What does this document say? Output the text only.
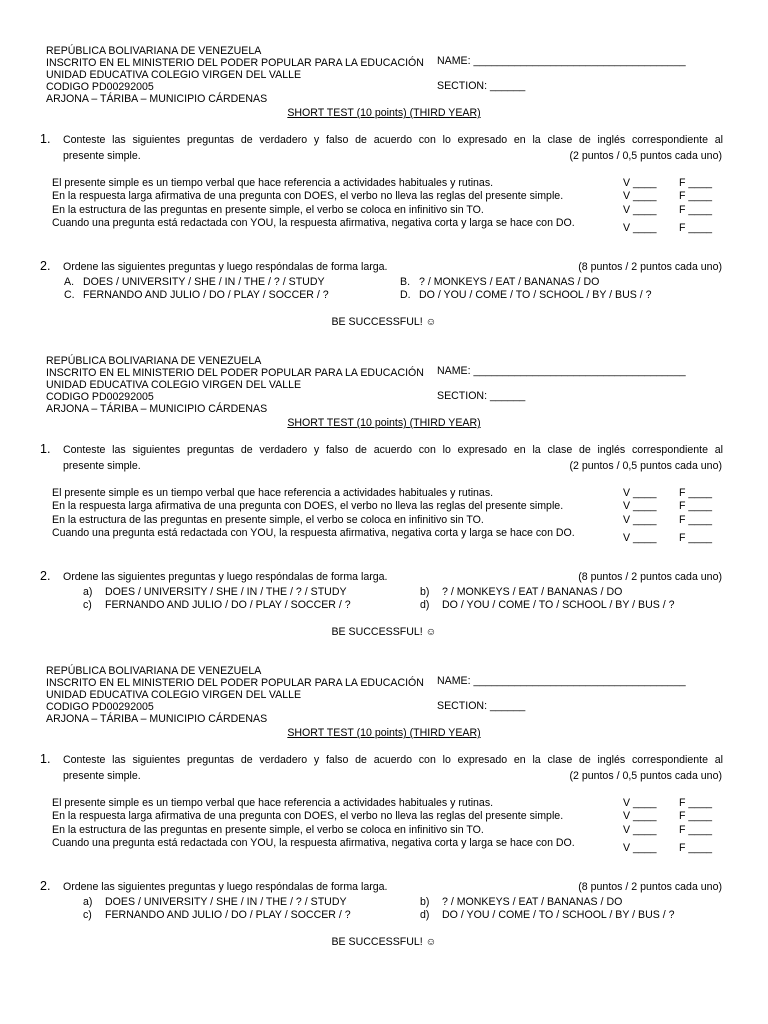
REPÚBLICA BOLIVARIANA DE VENEZUELA
INSCRITO EN EL MINISTERIO DEL PODER POPULAR PARA LA EDUCACIÓN
UNIDAD EDUCATIVA COLEGIO VIRGEN DEL VALLE
CODIGO PD00292005
ARJONA – TÁRIBA – MUNICIPIO CÁRDENAS
NAME: ____________________________________
SECTION: ______
SHORT TEST (10 points) (THIRD YEAR)
1. Conteste las siguientes preguntas de verdadero y falso de acuerdo con lo expresado en la clase de inglés correspondiente al
presente simple.	(2 puntos / 0,5 puntos cada uno)
El presente simple es un tiempo verbal que hace referencia a actividades habituales y rutinas.	V ____ F ____
En la respuesta larga afirmativa de una pregunta con DOES, el verbo no lleva las reglas del presente simple.	V ____ F ____
En la estructura de las preguntas en presente simple, el verbo se coloca en infinitivo sin TO.	V ____ F ____
Cuando una pregunta está redactada con YOU, la respuesta afirmativa, negativa corta y larga se hace con DO.	V ____ F ____
2. Ordene las siguientes preguntas y luego respóndalas de forma larga.	(8 puntos / 2 puntos cada uno)
A. DOES / UNIVERSITY / SHE / IN / THE / ? / STUDY	B. ? / MONKEYS / EAT / BANANAS / DO
C. FERNANDO AND JULIO / DO / PLAY / SOCCER / ?	D. DO / YOU / COME / TO / SCHOOL / BY / BUS / ?
BE SUCCESSFUL! ☺
REPÚBLICA BOLIVARIANA DE VENEZUELA
INSCRITO EN EL MINISTERIO DEL PODER POPULAR PARA LA EDUCACIÓN
UNIDAD EDUCATIVA COLEGIO VIRGEN DEL VALLE
CODIGO PD00292005
ARJONA – TÁRIBA – MUNICIPIO CÁRDENAS
NAME: ____________________________________
SECTION: ______
SHORT TEST (10 points) (THIRD YEAR)
1. Conteste las siguientes preguntas de verdadero y falso de acuerdo con lo expresado en la clase de inglés correspondiente al
presente simple.	(2 puntos / 0,5 puntos cada uno)
El presente simple es un tiempo verbal que hace referencia a actividades habituales y rutinas.	V ____ F ____
En la respuesta larga afirmativa de una pregunta con DOES, el verbo no lleva las reglas del presente simple.	V ____ F ____
En la estructura de las preguntas en presente simple, el verbo se coloca en infinitivo sin TO.	V ____ F ____
Cuando una pregunta está redactada con YOU, la respuesta afirmativa, negativa corta y larga se hace con DO.	V ____ F ____
2. Ordene las siguientes preguntas y luego respóndalas de forma larga.	(8 puntos / 2 puntos cada uno)
a) DOES / UNIVERSITY / SHE / IN / THE / ? / STUDY	b) ? / MONKEYS / EAT / BANANAS / DO
c) FERNANDO AND JULIO / DO / PLAY / SOCCER / ?	d) DO / YOU / COME / TO / SCHOOL / BY / BUS / ?
BE SUCCESSFUL! ☺
REPÚBLICA BOLIVARIANA DE VENEZUELA
INSCRITO EN EL MINISTERIO DEL PODER POPULAR PARA LA EDUCACIÓN
UNIDAD EDUCATIVA COLEGIO VIRGEN DEL VALLE
CODIGO PD00292005
ARJONA – TÁRIBA – MUNICIPIO CÁRDENAS
NAME: ____________________________________
SECTION: ______
SHORT TEST (10 points) (THIRD YEAR)
1. Conteste las siguientes preguntas de verdadero y falso de acuerdo con lo expresado en la clase de inglés correspondiente al
presente simple.	(2 puntos / 0,5 puntos cada uno)
El presente simple es un tiempo verbal que hace referencia a actividades habituales y rutinas.	V ____ F ____
En la respuesta larga afirmativa de una pregunta con DOES, el verbo no lleva las reglas del presente simple.	V ____ F ____
En la estructura de las preguntas en presente simple, el verbo se coloca en infinitivo sin TO.	V ____ F ____
Cuando una pregunta está redactada con YOU, la respuesta afirmativa, negativa corta y larga se hace con DO.	V ____ F ____
2. Ordene las siguientes preguntas y luego respóndalas de forma larga.	(8 puntos / 2 puntos cada uno)
a) DOES / UNIVERSITY / SHE / IN / THE / ? / STUDY	b) ? / MONKEYS / EAT / BANANAS / DO
c) FERNANDO AND JULIO / DO / PLAY / SOCCER / ?	d) DO / YOU / COME / TO / SCHOOL / BY / BUS / ?
BE SUCCESSFUL! ☺
